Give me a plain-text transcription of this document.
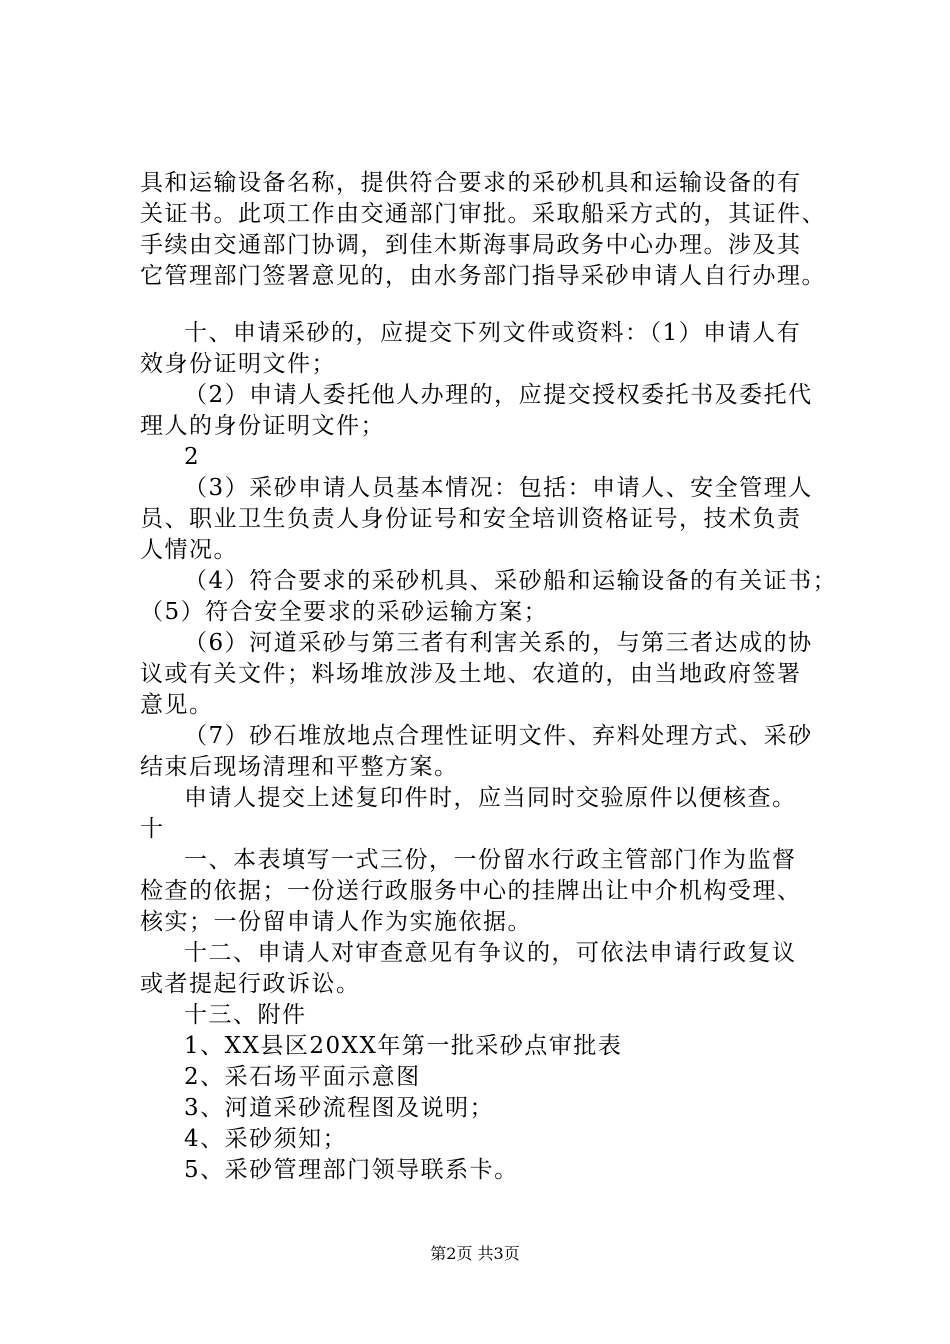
具和运输设备名称，提供符合要求的采砂机具和运输设备的有

关证书。此项工作由交通部门审批。采取船采方式的，其证件、

手续由交通部门协调，到佳木斯海事局政务中心办理。涉及其

它管理部门签署意见的，由水务部门指导采砂申请人自行办理。

十、申请采砂的，应提交下列文件或资料：（1）申请人有

效身份证明文件；

（2）申请人委托他人办理的，应提交授权委托书及委托代

理人的身份证明文件；

2

（3）采砂申请人员基本情况：包括：申请人、安全管理人

员、职业卫生负责人身份证号和安全培训资格证号，技术负责

人情况。

（4）符合要求的采砂机具、采砂船和运输设备的有关证书；

（5）符合安全要求的采砂运输方案；

（6）河道采砂与第三者有利害关系的，与第三者达成的协

议或有关文件；料场堆放涉及土地、农道的，由当地政府签署

意见。

（7）砂石堆放地点合理性证明文件、弃料处理方式、采砂

结束后现场清理和平整方案。

申请人提交上述复印件时，应当同时交验原件以便核查。

十

一、本表填写一式三份，一份留水行政主管部门作为监督

检查的依据；一份送行政服务中心的挂牌出让中介机构受理、

核实；一份留申请人作为实施依据。

十二、申请人对审查意见有争议的，可依法申请行政复议

或者提起行政诉讼。

十三、附件

1、XX县区20XX年第一批采砂点审批表

2、采石场平面示意图

3、河道采砂流程图及说明；

4、采砂须知；

5、采砂管理部门领导联系卡。

第2页 共3页
